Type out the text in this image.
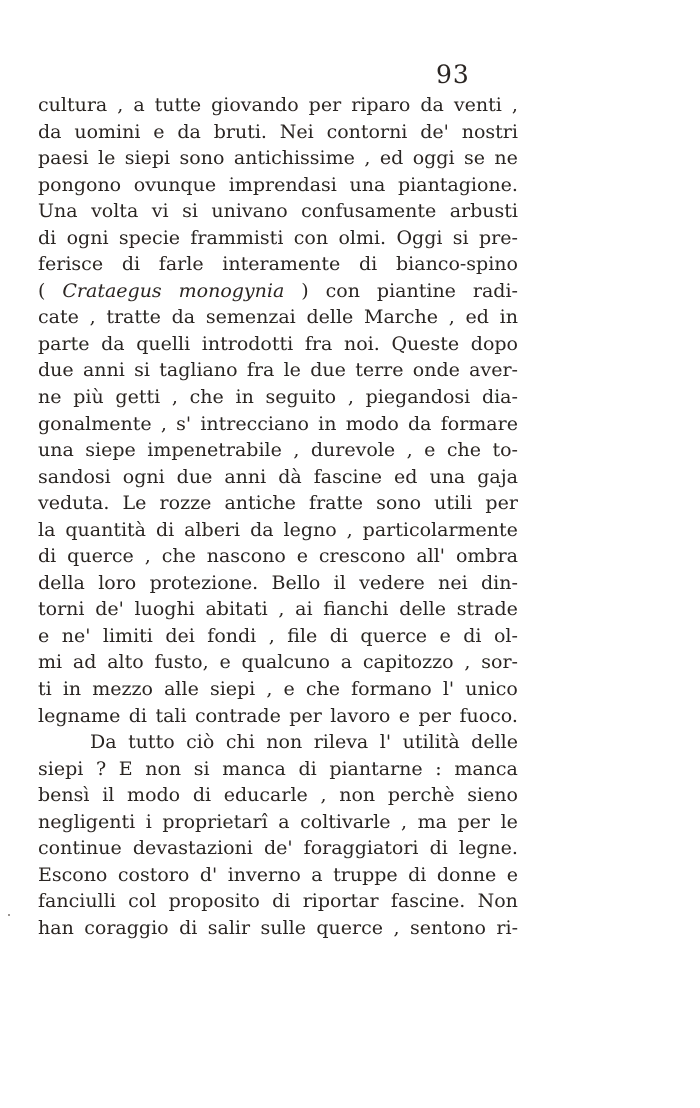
93
cultura , a tutte giovando per riparo da venti ,
da uomini e da bruti. Nei contorni de' nostri
paesi le siepi sono antichissime , ed oggi se ne
pongono ovunque imprendasi una piantagione.
Una volta vi si univano confusamente arbusti
di ogni specie frammisti con olmi. Oggi si pre-
ferisce di farle interamente di bianco-spino
( Crataegus monogynia ) con piantine radi-
cate , tratte da semenzai delle Marche , ed in
parte da quelli introdotti fra noi. Queste dopo
due anni si tagliano fra le due terre onde aver-
ne più getti , che in seguito , piegandosi dia-
gonalmente , s' intrecciano in modo da formare
una siepe impenetrabile , durevole , e che to-
sandosi ogni due anni dà fascine ed una gaja
veduta. Le rozze antiche fratte sono utili per
la quantità di alberi da legno , particolarmente
di querce , che nascono e crescono all' ombra
della loro protezione. Bello il vedere nei din-
torni de' luoghi abitati , ai fianchi delle strade
e ne' limiti dei fondi , file di querce e di ol-
mi ad alto fusto, e qualcuno a capitozzo , sor-
ti in mezzo alle siepi , e che formano l' unico
legname di tali contrade per lavoro e per fuoco.
Da tutto ciò chi non rileva l' utilità delle
siepi ? E non si manca di piantarne : manca
bensì il modo di educarle , non perchè sieno
negligenti i proprietarî a coltivarle , ma per le
continue devastazioni de' foraggiatori di legne.
Escono costoro d' inverno a truppe di donne e
fanciulli col proposito di riportar fascine. Non
han coraggio di salir sulle querce , sentono ri-
